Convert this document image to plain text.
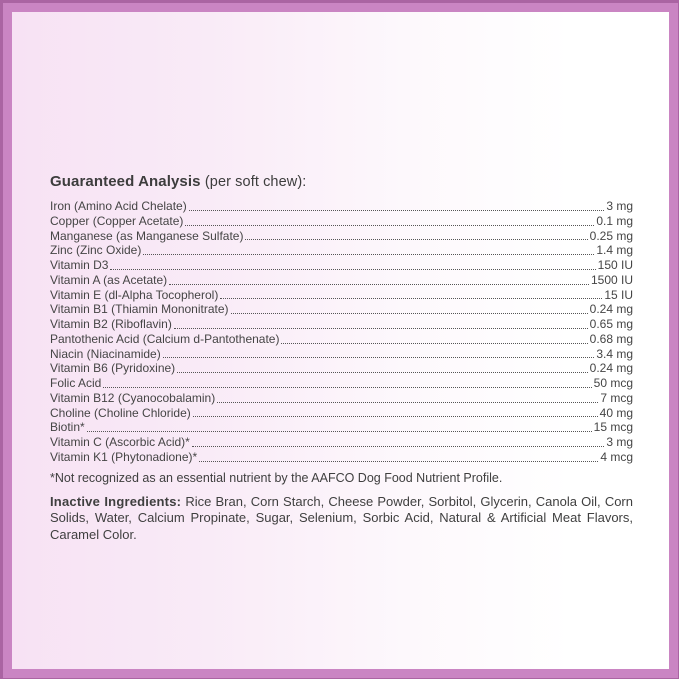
Guaranteed Analysis (per soft chew):
Iron (Amino Acid Chelate)	3 mg
Copper (Copper Acetate)	0.1 mg
Manganese (as Manganese Sulfate)	0.25 mg
Zinc (Zinc Oxide)	1.4 mg
Vitamin D3	150 IU
Vitamin A (as Acetate)	1500 IU
Vitamin E (dl-Alpha Tocopherol)	15 IU
Vitamin B1 (Thiamin Mononitrate)	0.24 mg
Vitamin B2 (Riboflavin)	0.65 mg
Pantothenic Acid (Calcium d-Pantothenate)	0.68 mg
Niacin (Niacinamide)	3.4 mg
Vitamin B6 (Pyridoxine)	0.24 mg
Folic Acid	50 mcg
Vitamin B12 (Cyanocobalamin)	7 mcg
Choline (Choline Chloride)	40 mg
Biotin*	15 mcg
Vitamin C (Ascorbic Acid)*	3 mg
Vitamin K1 (Phytonadione)*	4 mcg
*Not recognized as an essential nutrient by the AAFCO Dog Food Nutrient Profile.
Inactive Ingredients: Rice Bran, Corn Starch, Cheese Powder, Sorbitol, Glycerin, Canola Oil, Corn Solids, Water, Calcium Propinate, Sugar, Selenium, Sorbic Acid, Natural & Artificial Meat Flavors, Caramel Color.
